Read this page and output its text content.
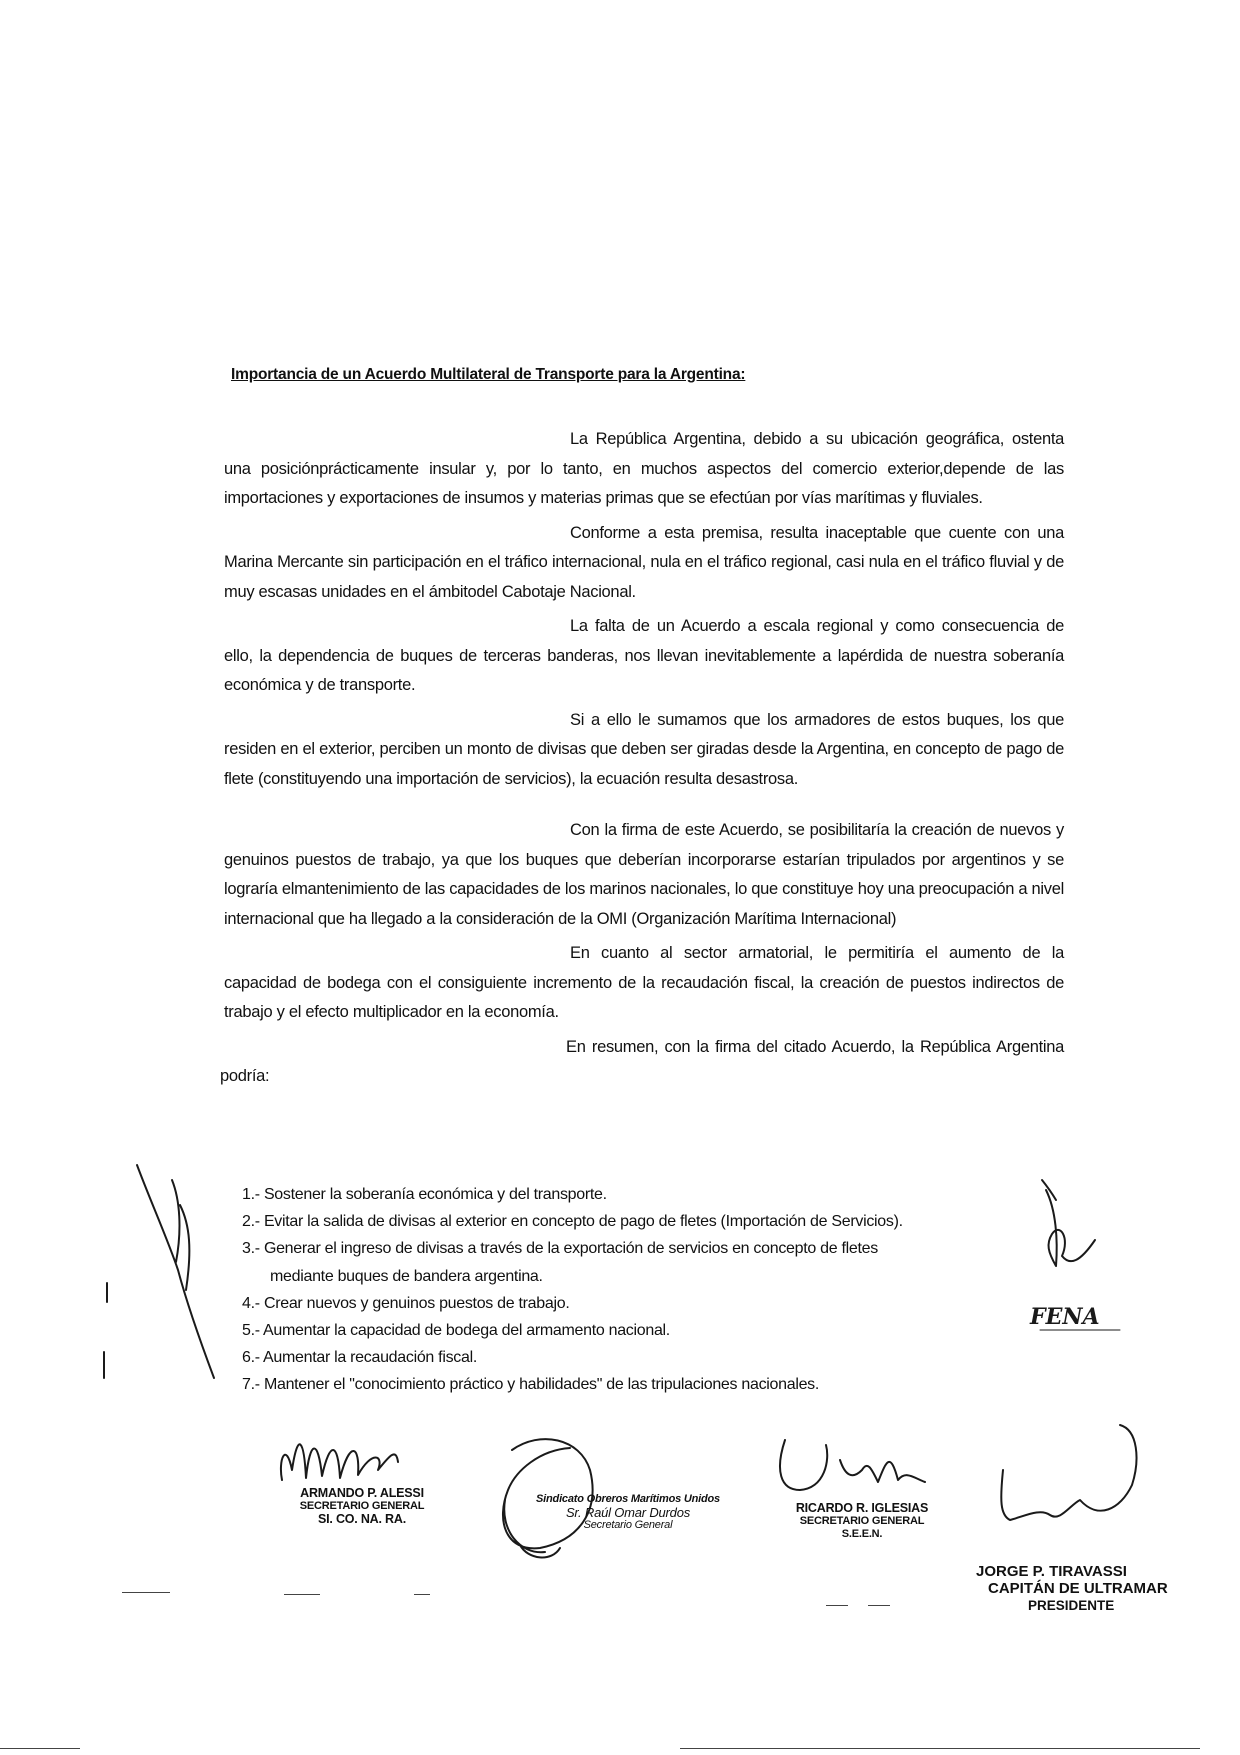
Importancia de un Acuerdo Multilateral de Transporte para la Argentina:

La República Argentina, debido a su ubicación geográfica, ostenta una posiciónprácticamente insular y, por lo tanto, en muchos aspectos del comercio exterior,depende de las importaciones y exportaciones de insumos y materias primas que se efectúan por vías marítimas y fluviales.

Conforme a esta premisa, resulta inaceptable que cuente con una Marina Mercante sin participación en el tráfico internacional, nula en el tráfico regional, casi nula en el tráfico fluvial y de muy escasas unidades en el ámbitodel Cabotaje Nacional.

La falta de un Acuerdo a escala regional y como consecuencia de ello, la dependencia de buques de terceras banderas, nos llevan inevitablemente a lapérdida de nuestra soberanía económica y de transporte.

Si a ello le sumamos que los armadores de estos buques, los que residen en el exterior, perciben un monto de divisas que deben ser giradas desde la Argentina, en concepto de pago de flete (constituyendo una importación de servicios), la ecuación resulta desastrosa.

Con la firma de este Acuerdo, se posibilitaría la creación de nuevos y genuinos puestos de trabajo, ya que los buques que deberían incorporarse estarían tripulados por argentinos y se lograría elmantenimiento de las capacidades de los marinos nacionales, lo que constituye hoy una preocupación a nivel internacional que ha llegado a la consideración de la OMI (Organización Marítima Internacional)

En cuanto al sector armatorial, le permitiría el aumento de la capacidad de bodega con el consiguiente incremento de la recaudación fiscal, la creación de puestos indirectos de trabajo y el efecto multiplicador en la economía.

En resumen, con la firma del citado Acuerdo, la República Argentina podría:

1.- Sostener la soberanía económica y del transporte.
2.- Evitar la salida de divisas al exterior en concepto de pago de fletes (Importación de Servicios).
3.- Generar el ingreso de divisas a través de la exportación de servicios en concepto de fletes
mediante buques de bandera argentina.
4.- Crear nuevos y genuinos puestos de trabajo.
5.- Aumentar la capacidad de bodega del armamento nacional.
6.- Aumentar la recaudación fiscal.
7.- Mantener el "conocimiento práctico y habilidades" de las tripulaciones nacionales.
FENA
ARMANDO P. ALESSI
SECRETARIO GENERAL
SI. CO. NA. RA.
Sindicato Obreros Marítimos Unidos
Sr. Raúl Omar Durdos
Secretario General
RICARDO R. IGLESIAS
SECRETARIO GENERAL
S.E.E.N.
JORGE P. TIRAVASSI
CAPITÁN DE ULTRAMAR
PRESIDENTE
